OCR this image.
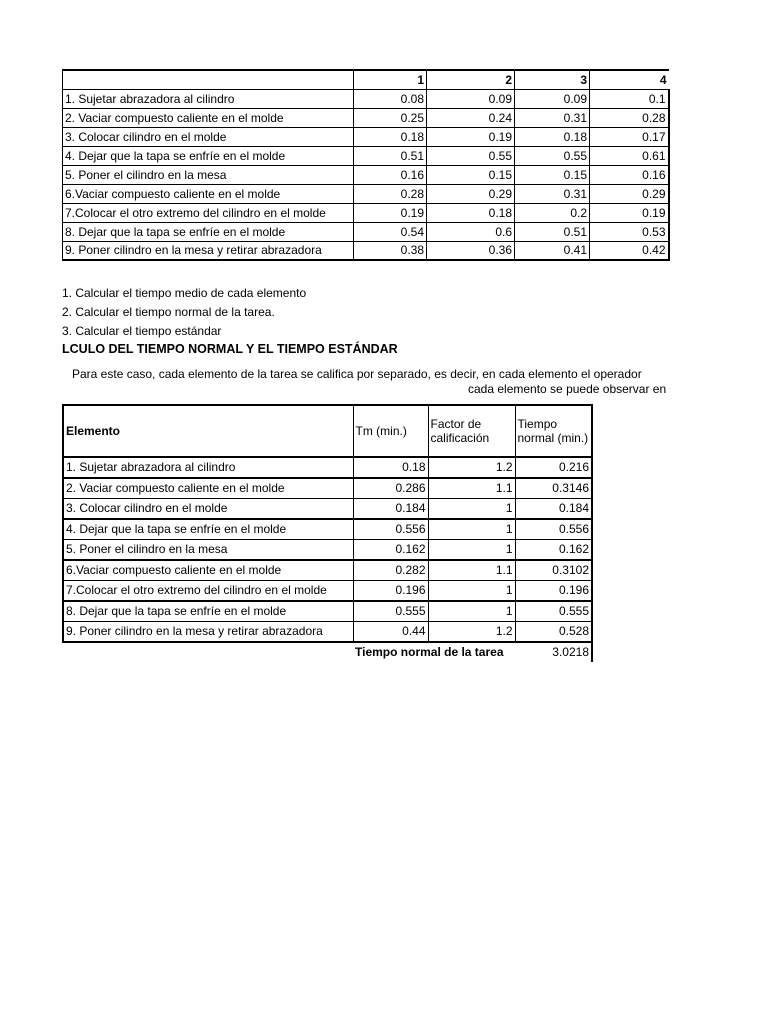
	1	2	3	4
1. Sujetar abrazadora al cilindro	0.08	0.09	0.09	0.1
2. Vaciar compuesto caliente en el molde	0.25	0.24	0.31	0.28
3. Colocar cilindro en el molde	0.18	0.19	0.18	0.17
4. Dejar que la tapa se enfríe en el molde	0.51	0.55	0.55	0.61
5. Poner el cilindro en la mesa	0.16	0.15	0.15	0.16
6.Vaciar compuesto caliente en el molde	0.28	0.29	0.31	0.29
7.Colocar el otro extremo del cilindro en el molde	0.19	0.18	0.2	0.19
8. Dejar que la tapa se enfríe en el molde	0.54	0.6	0.51	0.53
9. Poner cilindro en la mesa y retirar abrazadora	0.38	0.36	0.41	0.42
1. Calcular el tiempo medio de cada elemento
2. Calcular el tiempo normal de la tarea.
3. Calcular el tiempo estándar
LCULO DEL TIEMPO NORMAL Y EL TIEMPO ESTÁNDAR
Para este caso, cada elemento de la tarea se califica por separado, es decir, en cada elemento el operador
cada elemento se puede observar en
Elemento	Tm (min.)	Factor de calificación	Tiempo normal (min.)
1. Sujetar abrazadora al cilindro	0.18	1.2	0.216
2. Vaciar compuesto caliente en el molde	0.286	1.1	0.3146
3. Colocar cilindro en el molde	0.184	1	0.184
4. Dejar que la tapa se enfríe en el molde	0.556	1	0.556
5. Poner el cilindro en la mesa	0.162	1	0.162
6.Vaciar compuesto caliente en el molde	0.282	1.1	0.3102
7.Colocar el otro extremo del cilindro en el molde	0.196	1	0.196
8. Dejar que la tapa se enfríe en el molde	0.555	1	0.555
9. Poner cilindro en la mesa y retirar abrazadora	0.44	1.2	0.528
	Tiempo normal de la tarea		3.0218
